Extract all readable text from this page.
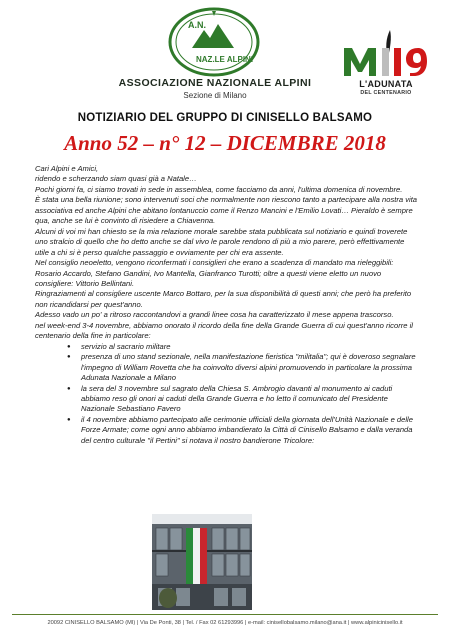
A.N.
NAZ.LE ALPINI
ASSOCIAZIONE NAZIONALE ALPINI
Sezione di Milano
L'ADUNATA
DEL CENTENARIO
NOTIZIARIO DEL GRUPPO DI CINISELLO BALSAMO
Anno 52 – n° 12 – DICEMBRE 2018

Cari Alpini e Amici,

ridendo e scherzando siam quasi già a Natale…

Pochi giorni fa, ci siamo trovati in sede in assemblea, come facciamo da anni, l'ultima domenica di novembre.

È stata una bella riunione; sono intervenuti soci che normalmente non riescono tanto a partecipare alla nostra vita associativa ed anche Alpini che abitano lontanuccio come il Renzo Mancini e l'Emilio Lovati… Pieraldo è sempre qua, anche se lui è convinto di risiedere a Chiavenna.

Alcuni di voi mi han chiesto se la mia relazione morale sarebbe stata pubblicata sul notiziario e quindi troverete uno stralcio di quello che ho detto anche se dal vivo le parole rendono di più a mio parere, però effettivamente utile a chi si è perso qualche passaggio e ovviamente per chi era assente.

Nel consiglio neoeletto, vengono riconfermati i consiglieri che erano a scadenza di mandato ma rieleggibili: Rosario Accardo, Stefano Gandini, Ivo Mantella, Gianfranco Turotti; oltre a questi viene eletto un nuovo consigliere: Vittorio Bellintani.

Ringraziamenti al consigliere uscente Marco Bottaro, per la sua disponibilità di questi anni; che però ha preferito non ricandidarsi per quest'anno.

Adesso vado un po' a ritroso raccontandovi a grandi linee cosa ha caratterizzato il mese appena trascorso.

nel week-end 3-4 novembre, abbiamo onorato il ricordo della fine della Grande Guerra di cui quest'anno ricorre il centenario della fine in particolare:

● servizio al sacrario militare
● presenza di uno stand sezionale, nella manifestazione fieristica "militalia"; qui è doveroso segnalare l'impegno di William Rovetta che ha coinvolto diversi alpini promuovendo in particolare la prossima Adunata Nazionale a Milano
● la sera del 3 novembre sul sagrato della Chiesa S. Ambrogio davanti al monumento ai caduti abbiamo reso gli onori ai caduti della Grande Guerra e ho letto il comunicato del Presidente Nazionale Sebastiano Favero
● il 4 novembre abbiamo partecipato alle cerimonie ufficiali della giornata dell'Unità Nazionale e delle Forze Armate; come ogni anno abbiamo imbandierato la Città di Cinisello Balsamo e dalla veranda del centro culturale "il Pertini" si notava il nostro bandierone Tricolore:
20092 CINISELLO BALSAMO (MI) | Via De Ponti, 38 | Tel. / Fax 02 61293996 | e-mail: cinisellobalsamo.milano@ana.it | www.alpinicinisello.it
